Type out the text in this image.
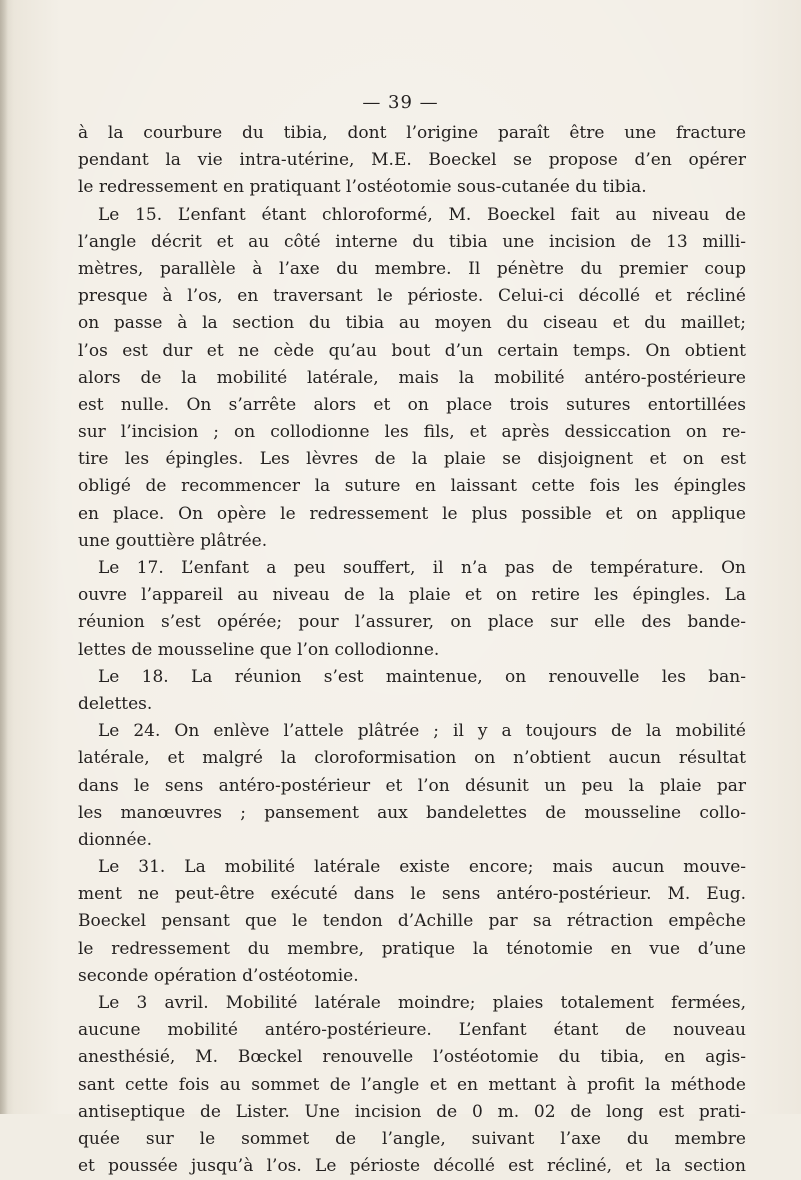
— 39 —
à la courbure du tibia, dont l’origine paraît être une fracture
pendant la vie intra-utérine, M.E. Boeckel se propose d’en opérer
le redressement en pratiquant l’ostéotomie sous-cutanée du tibia.
Le 15. L’enfant étant chloroformé, M. Boeckel fait au niveau de
l’angle décrit et au côté interne du tibia une incision de 13 milli-
mètres, parallèle à l’axe du membre. Il pénètre du premier coup
presque à l’os, en traversant le périoste. Celui-ci décollé et récliné
on passe à la section du tibia au moyen du ciseau et du maillet;
l’os est dur et ne cède qu’au bout d’un certain temps. On obtient
alors de la mobilité latérale, mais la mobilité antéro-postérieure
est nulle. On s’arrête alors et on place trois sutures entortillées
sur l’incision ; on collodionne les fils, et après dessiccation on re-
tire les épingles. Les lèvres de la plaie se disjoignent et on est
obligé de recommencer la suture en laissant cette fois les épingles
en place. On opère le redressement le plus possible et on applique
une gouttière plâtrée.
Le 17. L’enfant a peu souffert, il n’a pas de température. On
ouvre l’appareil au niveau de la plaie et on retire les épingles. La
réunion s’est opérée; pour l’assurer, on place sur elle des bande-
lettes de mousseline que l’on collodionne.
Le 18. La réunion s’est maintenue, on renouvelle les ban-
delettes.
Le 24. On enlève l’attele plâtrée ; il y a toujours de la mobilité
latérale, et malgré la cloroformisation on n’obtient aucun résultat
dans le sens antéro-postérieur et l’on désunit un peu la plaie par
les manœuvres ; pansement aux bandelettes de mousseline collo-
dionnée.
Le 31. La mobilité latérale existe encore; mais aucun mouve-
ment ne peut-être exécuté dans le sens antéro-postérieur. M. Eug.
Boeckel pensant que le tendon d’Achille par sa rétraction empêche
le redressement du membre, pratique la ténotomie en vue d’une
seconde opération d’ostéotomie.
Le 3 avril. Mobilité latérale moindre; plaies totalement fermées,
aucune mobilité antéro-postérieure. L’enfant étant de nouveau
anesthésié, M. Bœckel renouvelle l’ostéotomie du tibia, en agis-
sant cette fois au sommet de l’angle et en mettant à profit la méthode
antiseptique de Lister. Une incision de 0 m. 02 de long est prati-
quée sur le sommet de l’angle, suivant l’axe du membre
et poussée jusqu’à l’os. Le périoste décollé est récliné, et la section
